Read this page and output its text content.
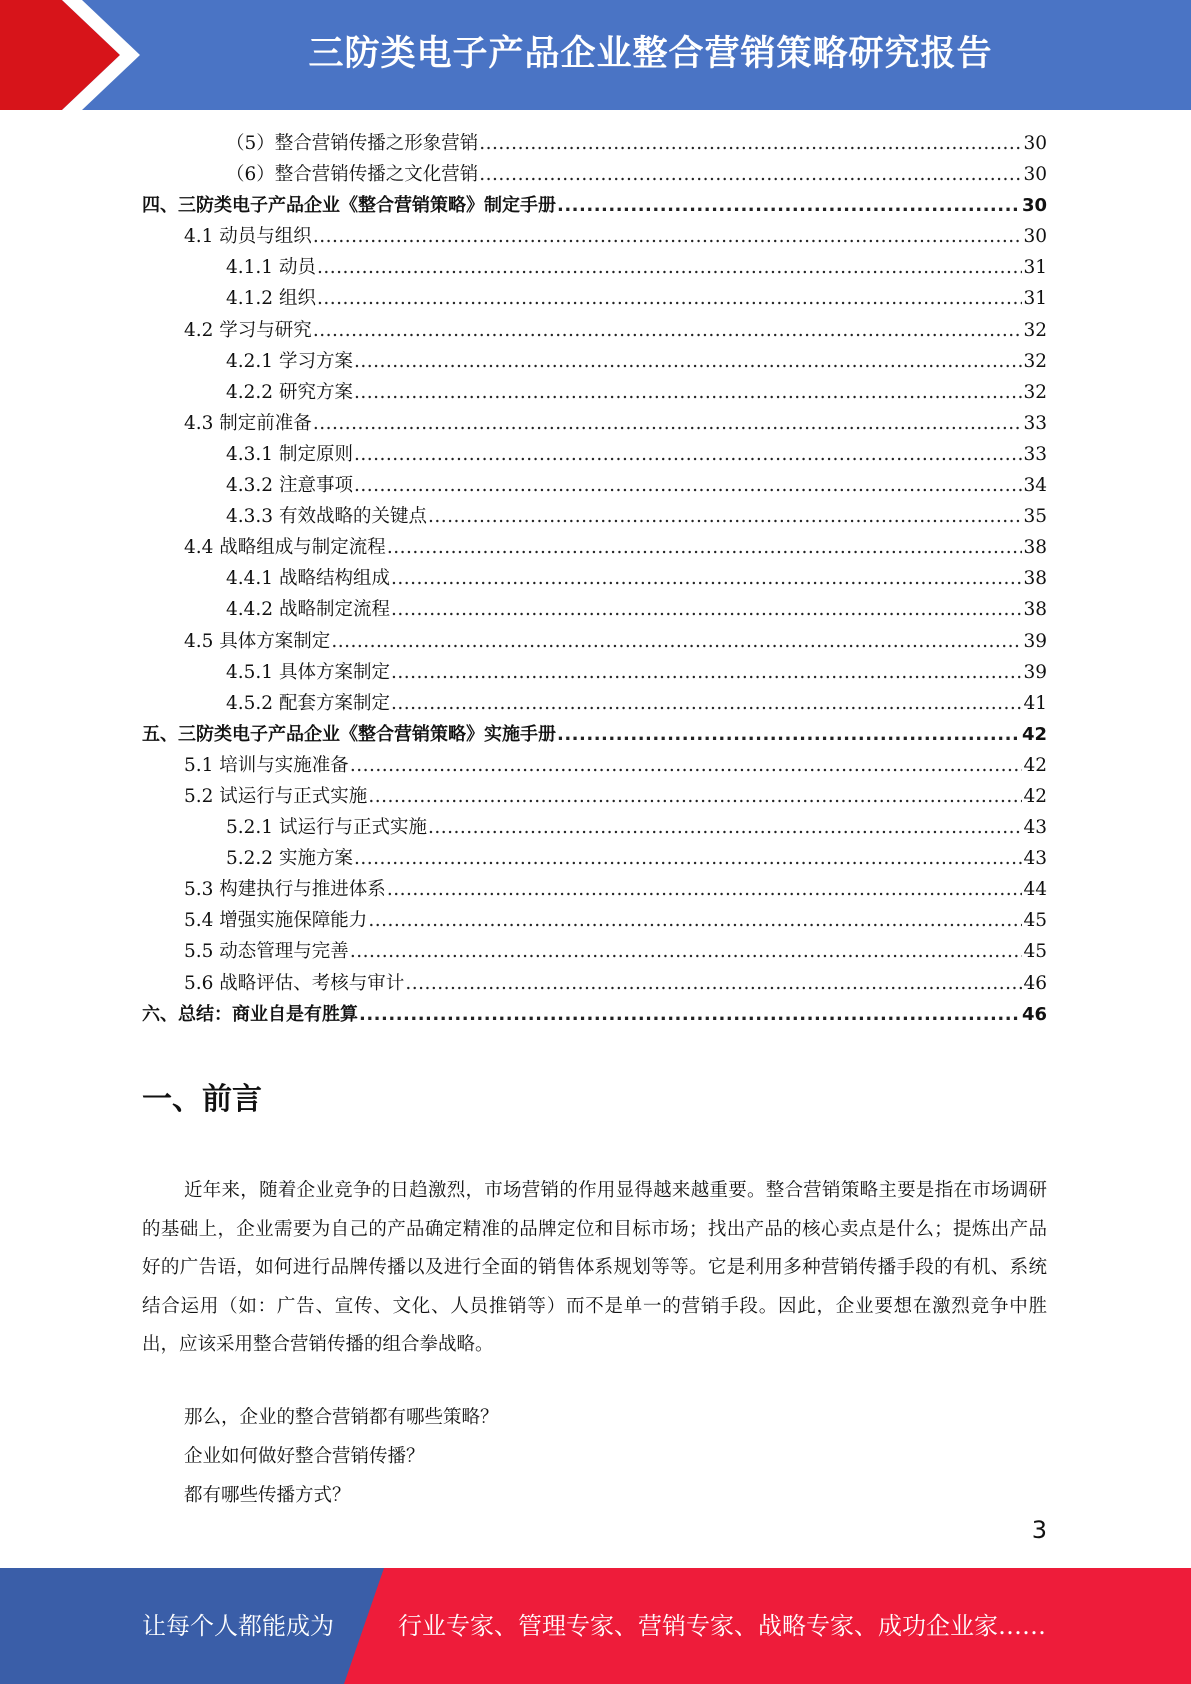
三防类电子产品企业整合营销策略研究报告
（5）整合营销传播之形象营销 .....	30
（6）整合营销传播之文化营销 .....	30
四、三防类电子产品企业《整合营销策略》制定手册 .....	30
4.1 动员与组织 .....	30
4.1.1 动员 .....	31
4.1.2 组织 .....	31
4.2 学习与研究 .....	32
4.2.1 学习方案 .....	32
4.2.2 研究方案 .....	32
4.3 制定前准备 .....	33
4.3.1 制定原则 .....	33
4.3.2 注意事项 .....	34
4.3.3 有效战略的关键点 .....	35
4.4 战略组成与制定流程 .....	38
4.4.1 战略结构组成 .....	38
4.4.2 战略制定流程 .....	38
4.5 具体方案制定 .....	39
4.5.1 具体方案制定 .....	39
4.5.2 配套方案制定 .....	41
五、三防类电子产品企业《整合营销策略》实施手册 .....	42
5.1 培训与实施准备 .....	42
5.2 试运行与正式实施 .....	42
5.2.1 试运行与正式实施 .....	43
5.2.2 实施方案 .....	43
5.3 构建执行与推进体系 .....	44
5.4 增强实施保障能力 .....	45
5.5 动态管理与完善 .....	45
5.6 战略评估、考核与审计 .....	46
六、总结：商业自是有胜算 .....	46
一、前言
近年来，随着企业竞争的日趋激烈，市场营销的作用显得越来越重要。整合营销策略主要是指在市场调研的基础上，企业需要为自己的产品确定精准的品牌定位和目标市场；找出产品的核心卖点是什么；提炼出产品好的广告语，如何进行品牌传播以及进行全面的销售体系规划等等。它是利用多种营销传播手段的有机、系统结合运用（如：广告、宣传、文化、人员推销等）而不是单一的营销手段。因此，企业要想在激烈竞争中胜出，应该采用整合营销传播的组合拳战略。
那么，企业的整合营销都有哪些策略？
企业如何做好整合营销传播？
都有哪些传播方式？
3
让每个人都能成为	行业专家、管理专家、营销专家、战略专家、成功企业家……
